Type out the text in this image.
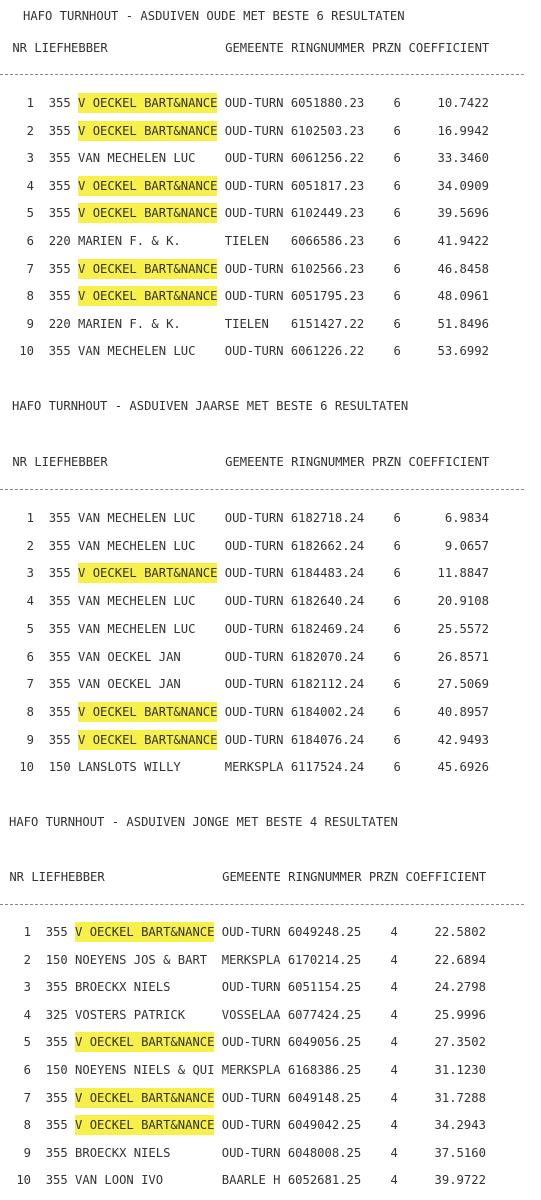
HAFO TURNHOUT - ASDUIVEN OUDE MET BESTE 6 RESULTATEN
NR LIEFHEBBER                GEMEENTE RINGNUMMER PRZN COEFFICIENT
1 355 V OECKEL BART&NANCE OUD-TURN 6051880.23 6	10.7422
2 355 V OECKEL BART&NANCE OUD-TURN 6102503.23 6	16.9942
3 355 VAN MECHELEN LUC OUD-TURN 6061256.22 6	33.3460
4 355 V OECKEL BART&NANCE OUD-TURN 6051817.23 6	34.0909
5 355 V OECKEL BART&NANCE OUD-TURN 6102449.23 6	39.5696
6 220 MARIEN F. & K.	TIELEN 6066586.23 6	41.9422
7 355 V OECKEL BART&NANCE OUD-TURN 6102566.23 6	46.8458
8 355 V OECKEL BART&NANCE OUD-TURN 6051795.23 6	48.0961
9 220 MARIEN F. & K.	TIELEN 6151427.22 6	51.8496
10 355 VAN MECHELEN LUC OUD-TURN 6061226.22 6	53.6992
HAFO TURNHOUT - ASDUIVEN JAARSE MET BESTE 6 RESULTATEN
NR LIEFHEBBER                GEMEENTE RINGNUMMER PRZN COEFFICIENT
1 355 VAN MECHELEN LUC OUD-TURN 6182718.24 6	6.9834
2 355 VAN MECHELEN LUC OUD-TURN 6182662.24 6	9.0657
3 355 V OECKEL BART&NANCE OUD-TURN 6184483.24 6	11.8847
4 355 VAN MECHELEN LUC OUD-TURN 6182640.24 6	20.9108
5 355 VAN MECHELEN LUC OUD-TURN 6182469.24 6	25.5572
6 355 VAN OECKEL JAN	OUD-TURN 6182070.24 6	26.8571
7 355 VAN OECKEL JAN	OUD-TURN 6182112.24 6	27.5069
8 355 V OECKEL BART&NANCE OUD-TURN 6184002.24 6	40.8957
9 355 V OECKEL BART&NANCE OUD-TURN 6184076.24 6	42.9493
10 150 LANSLOTS WILLY	MERKSPLA 6117524.24 6	45.6926
HAFO TURNHOUT - ASDUIVEN JONGE MET BESTE 4 RESULTATEN
NR LIEFHEBBER                GEMEENTE RINGNUMMER PRZN COEFFICIENT
1 355 V OECKEL BART&NANCE OUD-TURN 6049248.25 4	22.5802
2 150 NOEYENS JOS & BART MERKSPLA 6170214.25 4	22.6894
3 355 BROECKX NIELS	OUD-TURN 6051154.25 4	24.2798
4 325 VOSTERS PATRICK	VOSSELAA 6077424.25 4	25.9996
5 355 V OECKEL BART&NANCE OUD-TURN 6049056.25 4	27.3502
6 150 NOEYENS NIELS & QUI MERKSPLA 6168386.25 4	31.1230
7 355 V OECKEL BART&NANCE OUD-TURN 6049148.25 4	31.7288
8 355 V OECKEL BART&NANCE OUD-TURN 6049042.25 4	34.2943
9 355 BROECKX NIELS	OUD-TURN 6048008.25 4	37.5160
10 355 VAN LOON IVO	BAARLE H 6052681.25 4	39.9722
